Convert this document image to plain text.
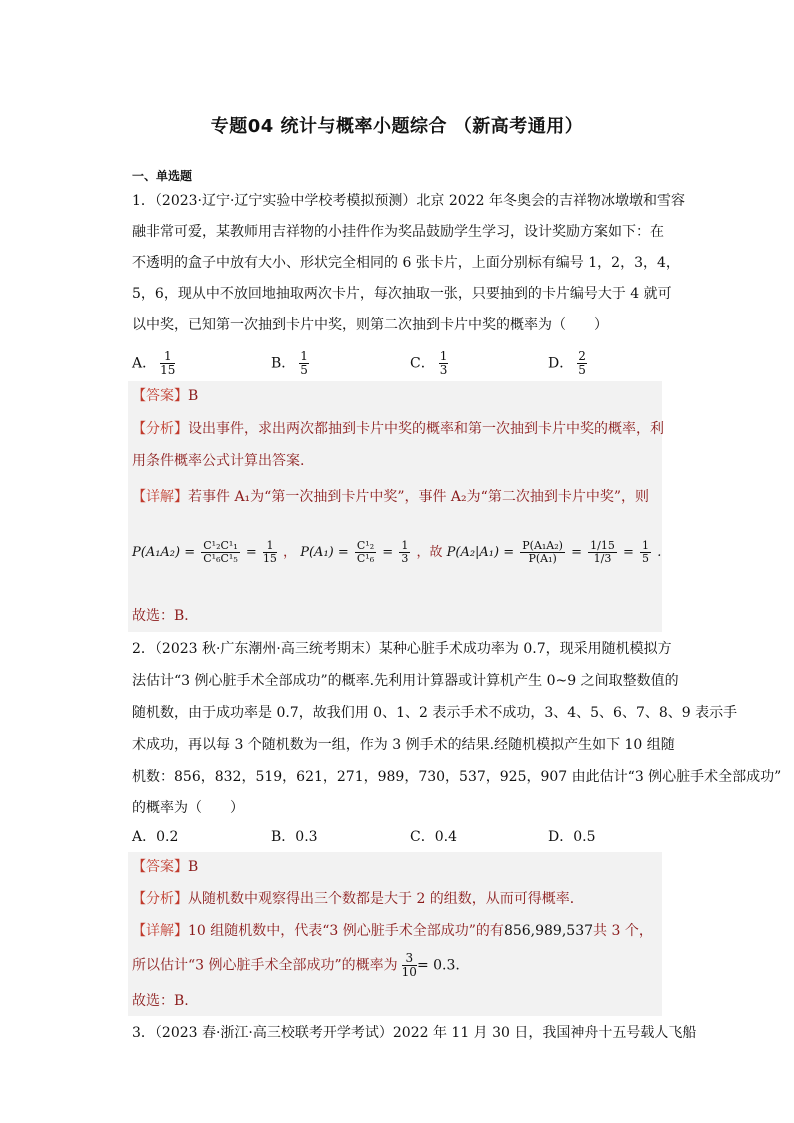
专题04 统计与概率小题综合 （新高考通用）
一、单选题
1．（2023·辽宁·辽宁实验中学校考模拟预测）北京 2022 年冬奥会的吉祥物冰墩墩和雪容
融非常可爱，某教师用吉祥物的小挂件作为奖品鼓励学生学习，设计奖励方案如下：在
不透明的盒子中放有大小、形状完全相同的 6 张卡片，上面分别标有编号 1，2，3，4，
5，6，现从中不放回地抽取两次卡片，每次抽取一张，只要抽到的卡片编号大于 4 就可
以中奖，已知第一次抽到卡片中奖，则第二次抽到卡片中奖的概率为（　　）
A． $\frac{1}{15}$	B． $\frac{1}{5}$	C． $\frac{1}{3}$	D． $\frac{2}{5}$
【答案】B
【分析】设出事件，求出两次都抽到卡片中奖的概率和第一次抽到卡片中奖的概率，利
用条件概率公式计算出答案.
【详解】若事件 A₁为“第一次抽到卡片中奖”，事件 A₂为“第二次抽到卡片中奖”，则
$P(A_1A_2) = \frac{\text{C¹₂C¹₁}}{\text{C¹₆C¹₅}} = \frac{1}{15}$ ， $P(A_1) = \frac{\text{C¹₂}}{\text{C¹₆}} = \frac{1}{3}$ ，故 $P(A_2|A_1) = \frac{\text{P(A₁A₂)}}{\text{P(A₁)}} = \frac{1/15}{1/3} = \frac{1}{5}$ .
故选：B．
2．（2023 秋·广东潮州·高三统考期末）某种心脏手术成功率为 0.7，现采用随机模拟方
法估计“3 例心脏手术全部成功”的概率.先利用计算器或计算机产生 0~9 之间取整数值的
随机数，由于成功率是 0.7，故我们用 0、1、2 表示手术不成功，3、4、5、6、7、8、9 表示手
术成功，再以每 3 个随机数为一组，作为 3 例手术的结果.经随机模拟产生如下 10 组随
机数：856，832，519，621，271，989，730，537，925，907 由此估计“3 例心脏手术全部成功”
的概率为（　　）
A．0.2	B．0.3	C．0.4	D．0.5
【答案】B
【分析】从随机数中观察得出三个数都是大于 2 的组数，从而可得概率．
【详解】10 组随机数中，代表“3 例心脏手术全部成功”的有856,989,537共 3 个，
所以估计“3 例心脏手术全部成功”的概率为 $\frac{3}{10} = 0.3$.
故选：B.
3．（2023 春·浙江·高三校联考开学考试）2022 年 11 月 30 日，我国神舟十五号载人飞船
